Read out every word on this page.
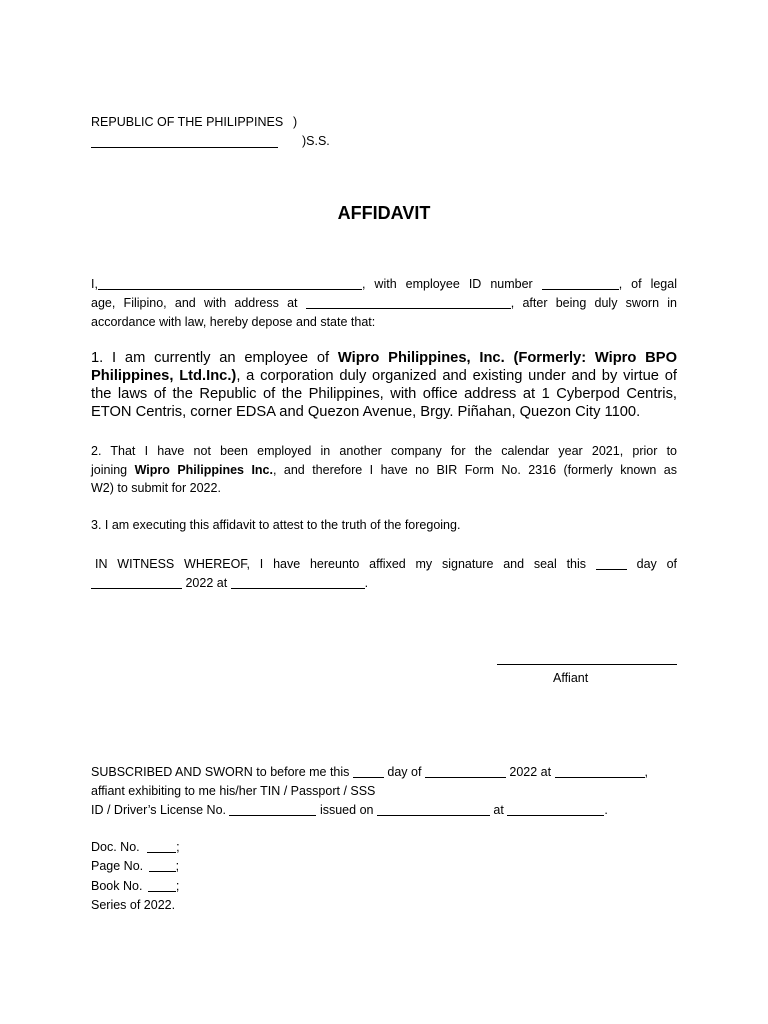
REPUBLIC OF THE PHILIPPINES )
)S.S.
AFFIDAVIT
I,	, with employee ID number	, of legal
age, Filipino, and with address at	, after being duly sworn in
accordance with law, hereby depose and state that:
1. I am currently an employee of Wipro Philippines, Inc. (Formerly: Wipro BPO
Philippines, Ltd.Inc.), a corporation duly organized and existing under and by virtue of
the laws of the Republic of the Philippines, with office address at 1 Cyberpod Centris,
ETON Centris, corner EDSA and Quezon Avenue, Brgy. Piñahan, Quezon City 1100.
2. That I have not been employed in another company for the calendar year 2021, prior to
joining Wipro Philippines Inc., and therefore I have no BIR Form No. 2316 (formerly known as
W2) to submit for 2022.
3. I am executing this affidavit to attest to the truth of the foregoing.
IN WITNESS WHEREOF, I have hereunto affixed my signature and seal this  day of
2022 at	.
Affiant
SUBSCRIBED AND SWORN to before me this  day of	2022 at	,
affiant exhibiting to me his/her TIN / Passport / SSS
ID / Driver’s License No.	issued on	at	.
Doc. No.	;
Page No. ;
Book No. ;
Series of 2022.
